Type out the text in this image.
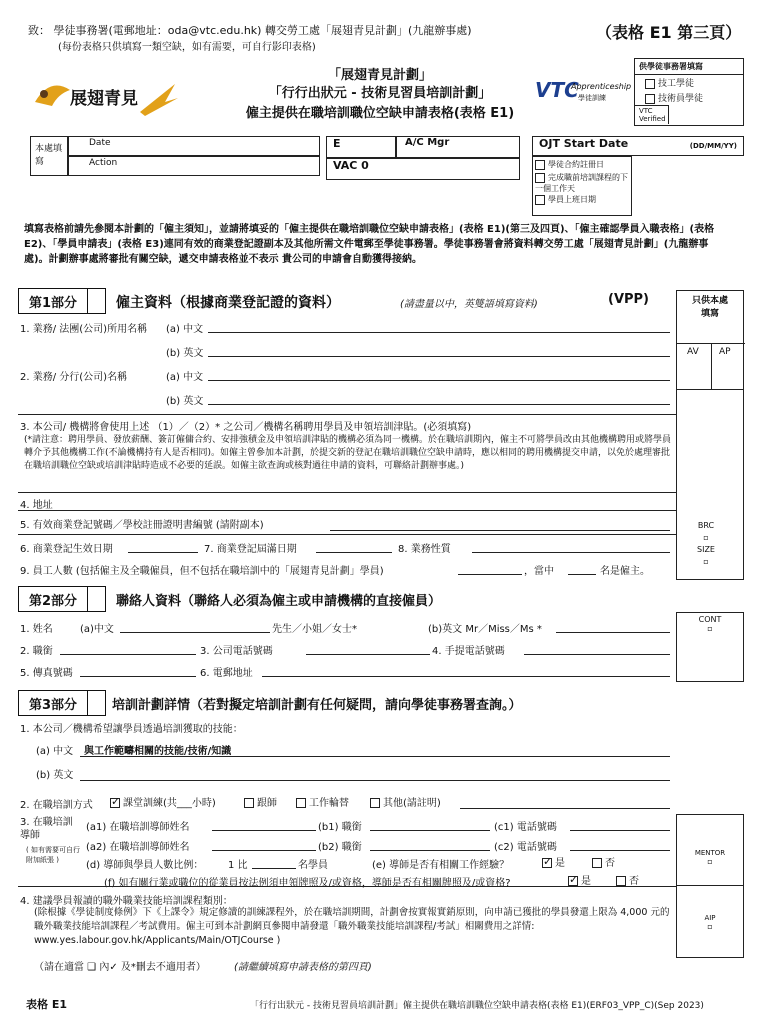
致： 學徒事務署(電郵地址：oda@vtc.edu.hk) 轉交勞工處「展翅青見計劃」(九龍辦事處)
(每份表格只供填寫一類空缺，如有需要，可自行影印表格)
（表格 E1 第三頁）
展翅青見
「展翅青見計劃」
「行行出狀元 - 技術見習員培訓計劃」
僱主提供在職培訓職位空缺申請表格(表格 E1)
VTC
Apprenticeship
學徒訓練
供學徒事務署填寫
技工學徒
技術員學徒
VTC Verified
本處填寫
Date
Action
E	A/C Mgr
VAC 0
OJT Start Date	(DD/MM/YY)
學徒合約註冊日
完成職前培訓課程的下一個工作天
學員上班日期
填寫表格前請先參閱本計劃的「僱主須知」，並請將填妥的「僱主提供在職培訓職位空缺申請表格」(表格 E1)(第三及四頁)、「僱主確認學員入職表格」(表格 E2)、「學員申請表」(表格 E3)連同有效的商業登記證副本及其他所需文件電郵至學徒事務署。學徒事務署會將資料轉交勞工處「展翅青見計劃」(九龍辦事處)。計劃辦事處將審批有關空缺，遞交申請表格並不表示 貴公司的申請會自動獲得接納。
第1部分	僱主資料（根據商業登記證的資料）	(請盡量以中，英雙語填寫資料)	(VPP)	只供本處填寫
AV AP
BRC
▫
SIZE
▫
1. 業務/ 法團(公司)所用名稱 (a) 中文
(b) 英文
2. 業務/ 分行(公司)名稱	(a) 中文
(b) 英文
3. 本公司/ 機構將會使用上述 （1）／（2）* 之公司／機構名稱聘用學員及申領培訓津貼。(必須填寫)
(*請注意：聘用學員、發放薪酬、簽訂僱傭合約、安排強積金及申領培訓津貼的機構必須為同一機構。於在職培訓期內，僱主不可將學員改由其他機構聘用或將學員轉介予其他機構工作(不論機構持有人是否相同)。如僱主曾參加本計劃，於提交新的登記在職培訓職位空缺申請時，應以相同的聘用機構提交申請，以免於處理審批在職培訓職位空缺或培訓津貼時造成不必要的延誤。如僱主欲查詢或核對過往申請的資料，可聯絡計劃辦事處。)
4. 地址
5. 有效商業登記號碼／學校註冊證明書編號 (請附副本)
6. 商業登記生效日期	7. 商業登記屆滿日期	8. 業務性質
9. 員工人數 (包括僱主及全職僱員，但不包括在職培訓中的「展翅青見計劃」學員)	，當中	名是僱主。
第2部分	聯絡人資料（聯絡人必須為僱主或申請機構的直接僱員）
CONT
▫
1. 姓名	(a)中文	先生／小姐／女士*	(b)英文 Mr／Miss／Ms *
2. 職銜	3. 公司電話號碼	4. 手提電話號碼
5. 傳真號碼	6. 電郵地址
第3部分	培訓計劃詳情（若對擬定培訓計劃有任何疑問，請向學徒事務署查詢。）
1. 本公司／機構希望讓學員透過培訓獲取的技能：
(a) 中文 與工作範疇相關的技能/技術/知識
(b) 英文
2. 在職培訓方式 ✓	課堂訓練(共___小時)	跟師	工作輪替	其他(請註明)
3. 在職培訓導師
( 如有需要可自行附加紙張 )
(a1) 在職培訓導師姓名	(b1) 職銜	(c1) 電話號碼
(a2) 在職培訓導師姓名	(b2) 職銜	(c2) 電話號碼
(d) 導師與學員人數比例： 1 比	名學員	(e) 導師是否有相關工作經驗？ ✓	是	否
(f) 如有關行業或職位的從業員按法例須申領牌照及/或資格，導師是否有相關牌照及/或資格? ✓	是	否
MENTOR
▫
AIP
▫
4. 建議學員報讀的職外職業技能培訓課程類別：
(除根據《學徒制度條例》下《上課令》規定修讀的訓練課程外，於在職培訓期間，計劃會按實報實銷原則，向申請已獲批的學員發還上限為 4,000 元的職外職業技能培訓課程／考試費用。僱主可到本計劃網頁參閱申請發還「職外職業技能培訓課程/考試」相關費用之詳情: www.yes.labour.gov.hk/Applicants/Main/OTJCourse )
（請在適當 ❑ 內✓ 及*刪去不適用者）	(請繼續填寫申請表格的第四頁)
表格 E1	「行行出狀元 - 技術見習員培訓計劃」僱主提供在職培訓職位空缺申請表格(表格 E1)(ERF03_VPP_C)(Sep 2023)
